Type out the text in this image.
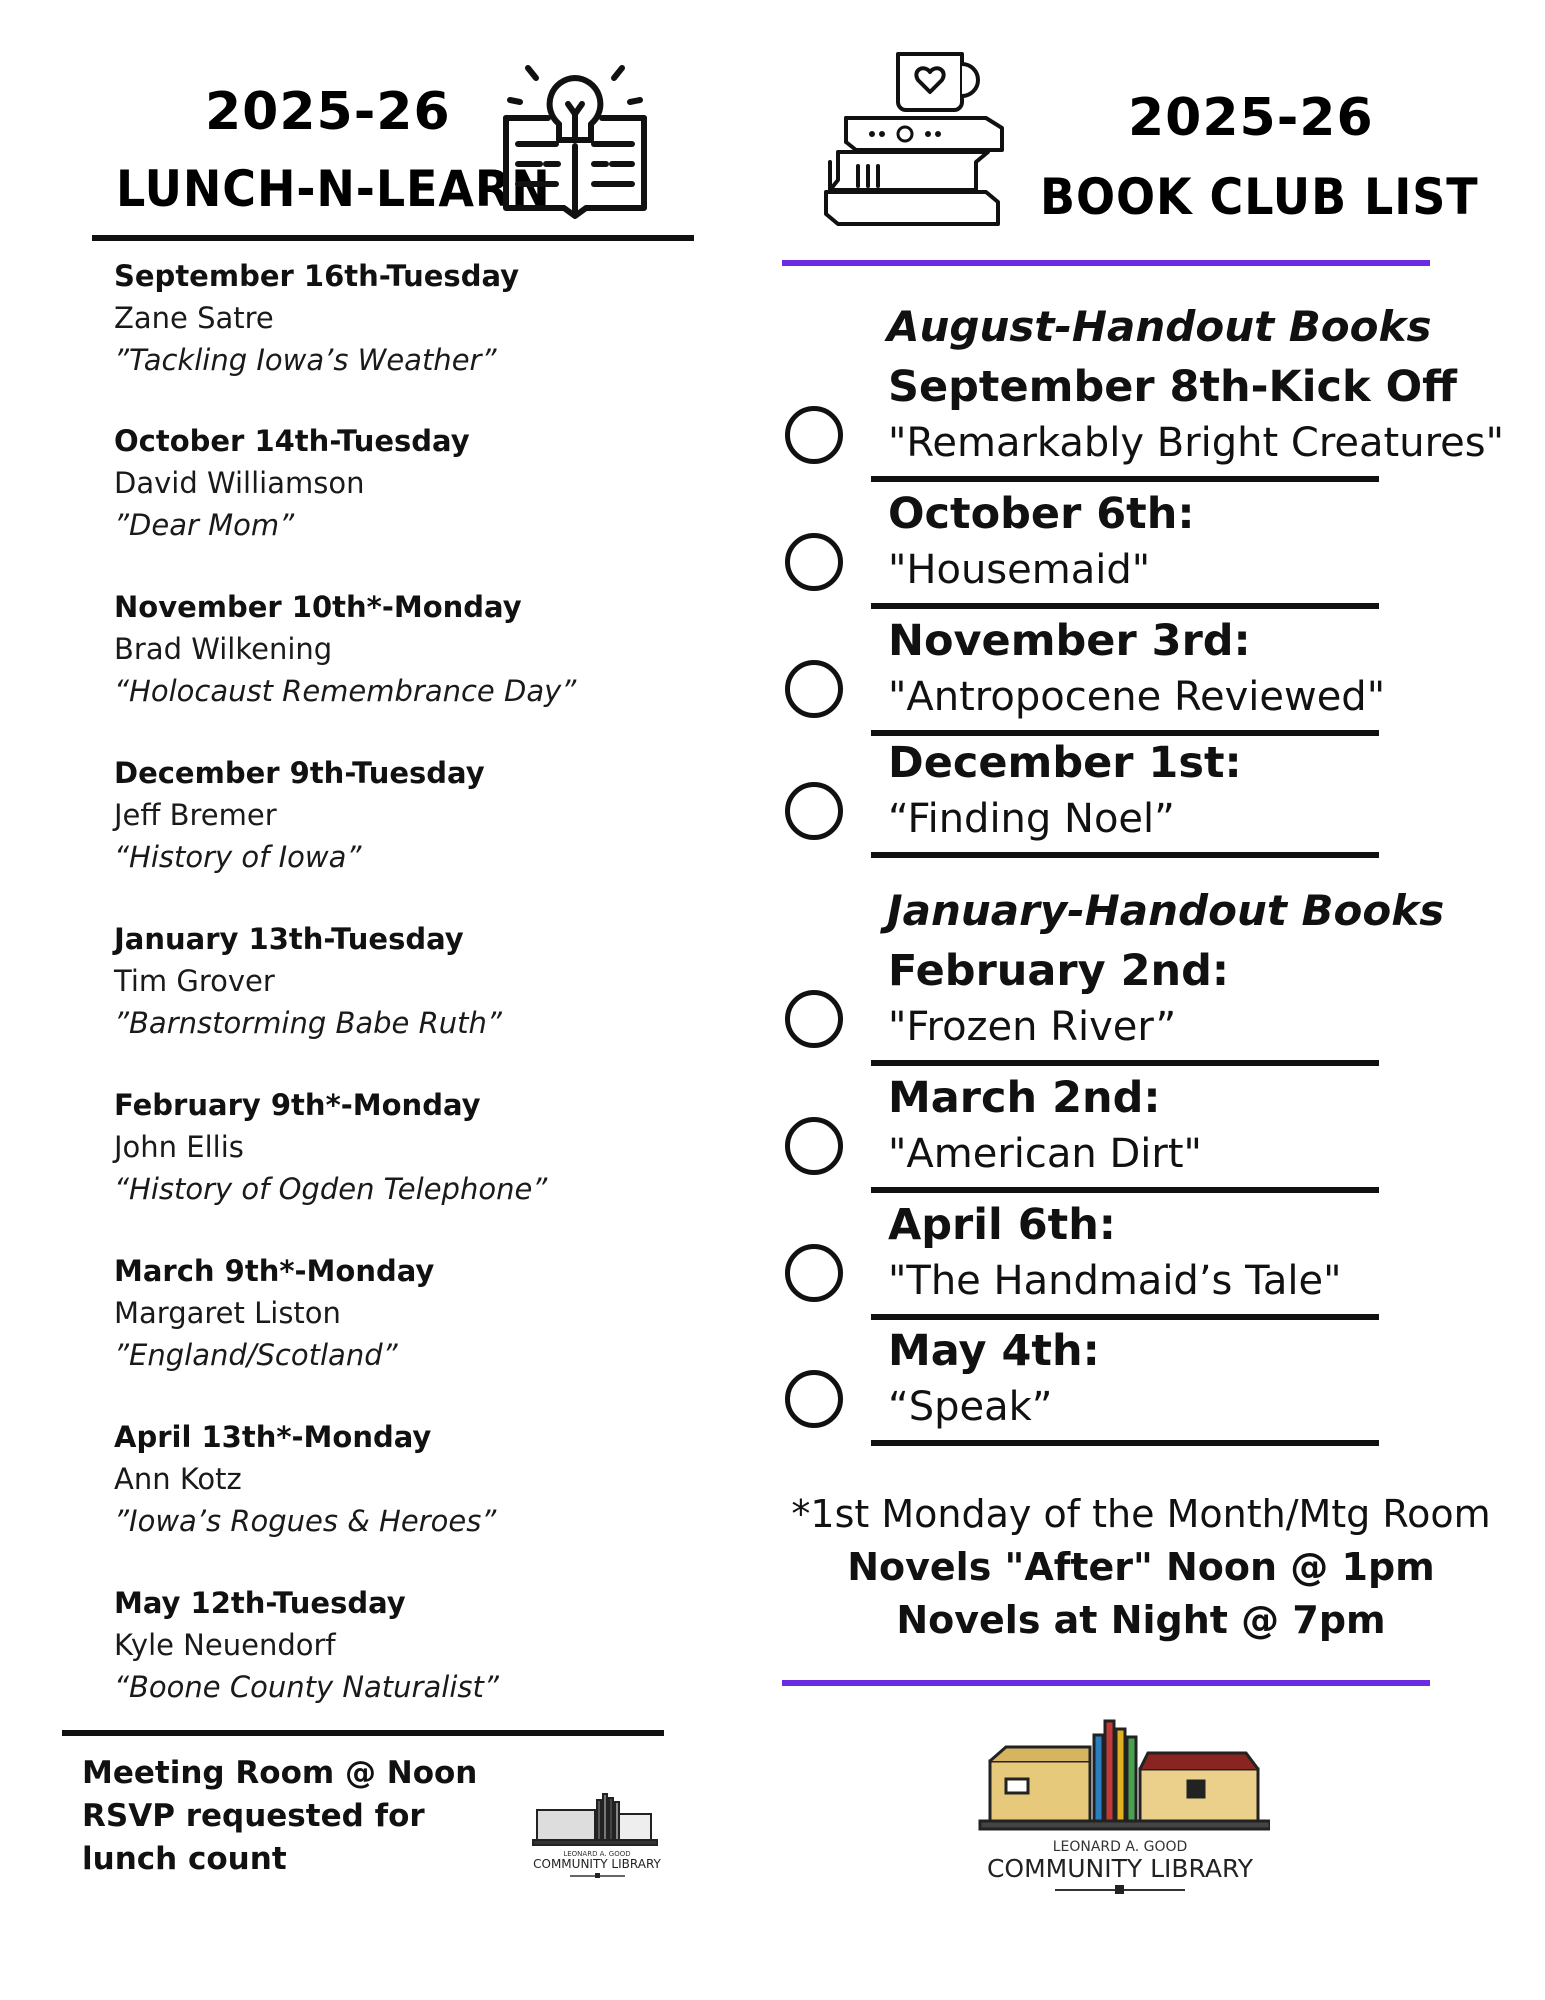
2025-26
LUNCH-N-LEARN
September 16th-Tuesday
Zane Satre
”Tackling Iowa’s Weather”
October 14th-Tuesday
David Williamson
”Dear Mom”
November 10th*-Monday
Brad Wilkening
“Holocaust Remembrance Day”
December 9th-Tuesday
Jeff Bremer
“History of Iowa”
January 13th-Tuesday
Tim Grover
”Barnstorming Babe Ruth”
February 9th*-Monday
John Ellis
“History of Ogden Telephone”
March 9th*-Monday
Margaret Liston
”England/Scotland”
April 13th*-Monday
Ann Kotz
”Iowa’s Rogues & Heroes”
May 12th-Tuesday
Kyle Neuendorf
“Boone County Naturalist”
Meeting Room @ Noon
RSVP requested for lunch count	LEONARD A. GOOD
COMMUNITY LIBRARY
2025-26
BOOK CLUB LIST
August-Handout Books
September 8th-Kick Off
"Remarkably Bright Creatures"
October 6th:
"Housemaid"
November 3rd:
"Antropocene Reviewed"
December 1st:
“Finding Noel”
January-Handout Books
February 2nd:
"Frozen River”
March 2nd:
"American Dirt"
April 6th:
"The Handmaid’s Tale"
May 4th:
“Speak”
*1st Monday of the Month/Mtg Room
Novels "After" Noon @ 1pm
Novels at Night @ 7pm
LEONARD A. GOOD
COMMUNITY LIBRARY
